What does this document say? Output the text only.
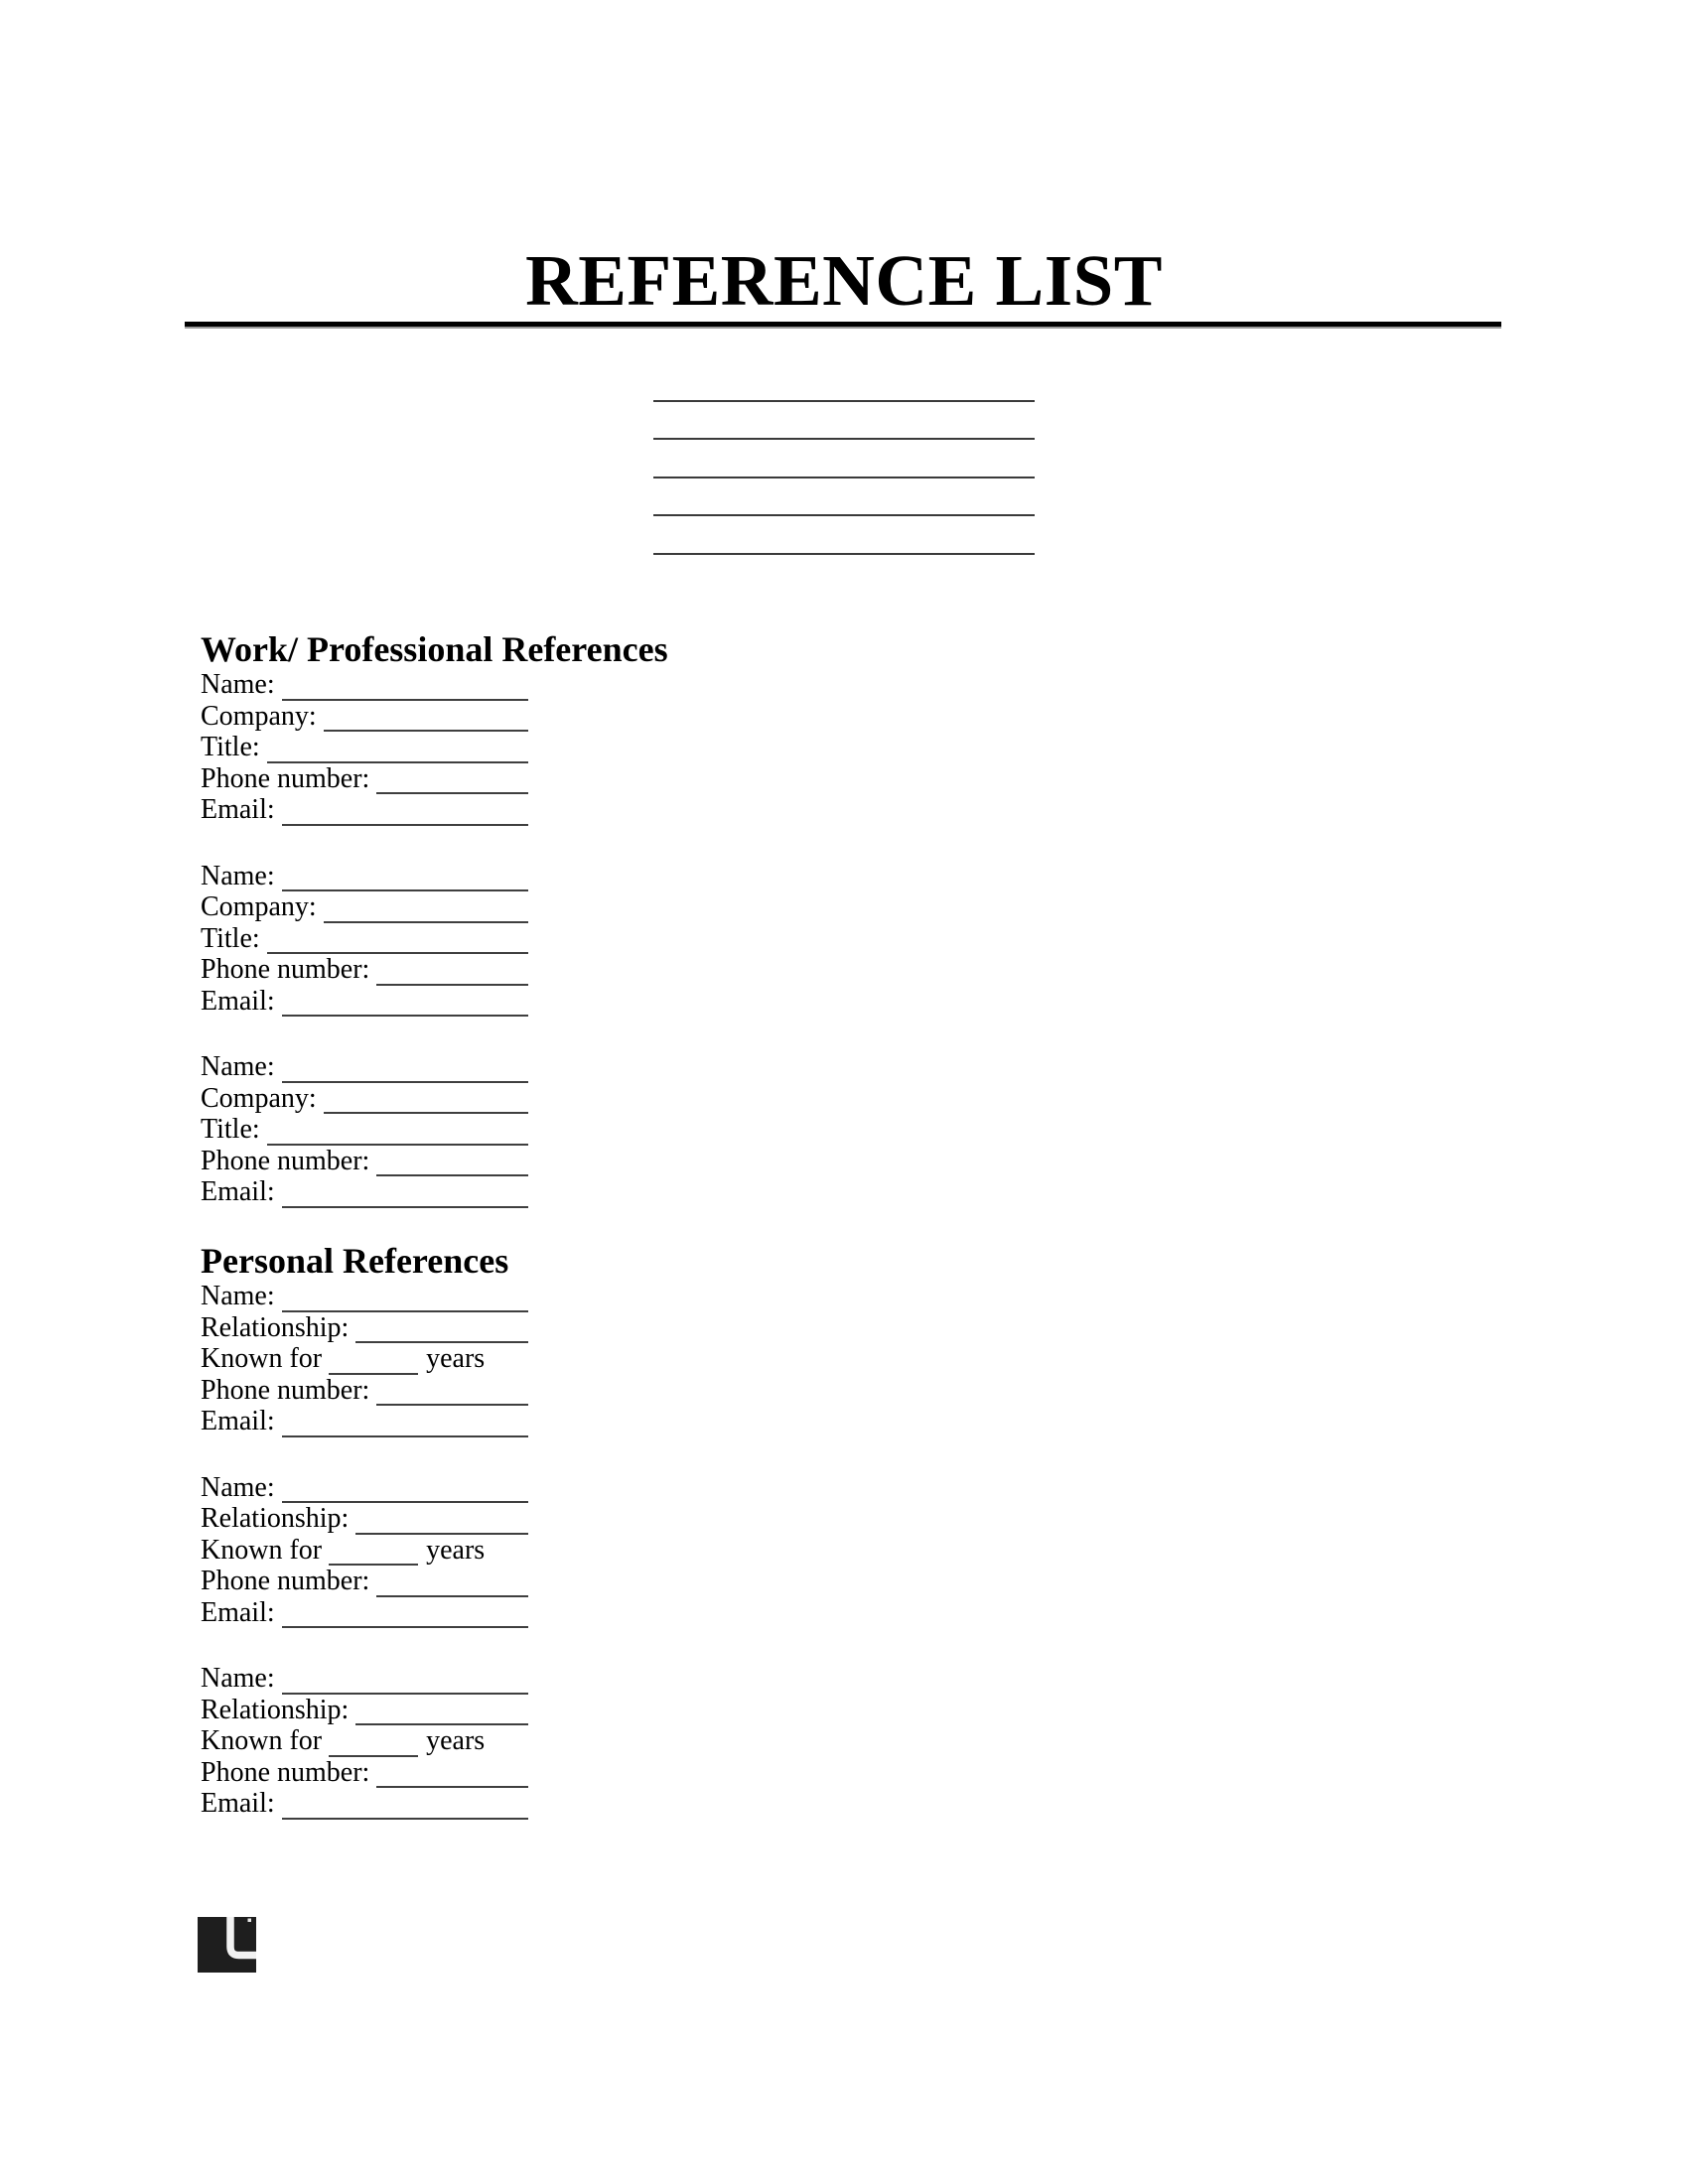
REFERENCE LIST
Work/ Professional References
Name:
Company:
Title:
Phone number:
Email:
Name:
Company:
Title:
Phone number:
Email:
Name:
Company:
Title:
Phone number:
Email:
Personal References
Name:
Relationship:
Known for	years
Phone number:
Email:
Name:
Relationship:
Known for	years
Phone number:
Email:
Name:
Relationship:
Known for	years
Phone number:
Email:
